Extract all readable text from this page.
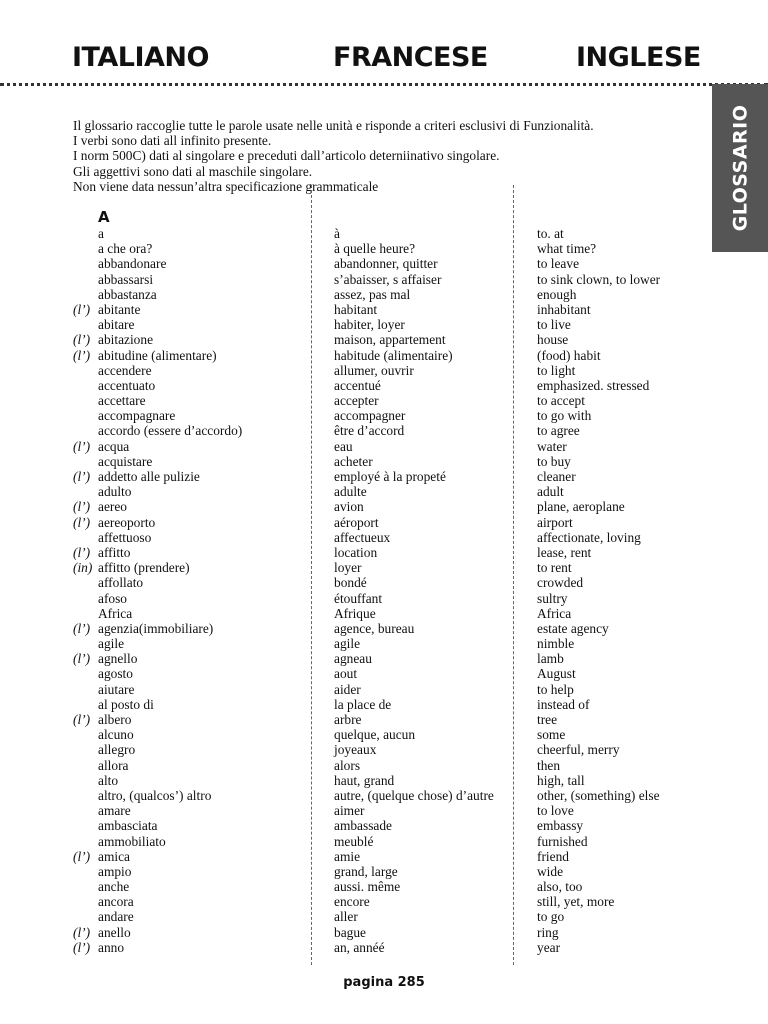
ITALIANO	FRANCESE	INGLESE
GLOSSARIO
Il glossario raccoglie tutte le parole usate nelle unità e risponde a criteri esclusivi di Funzionalità.
I verbi sono dati all infinito presente.
I norm 500C) dati al singolare e preceduti dall’articolo deterniinativo singolare.
Gli aggettivi sono dati al maschile singolare.
Non viene data nessun’altra specificazione grammaticale
A
a	à	to. at
a che ora?	à quelle heure?	what time?
abbandonare	abandonner, quitter	to leave
abbassarsi	s’abaisser, s affaiser	to sink clown, to lower
abbastanza	assez, pas mal	enough
(l’) abitante	habitant	inhabitant
abitare	habiter, loyer	to live
(l’) abitazione	maison, appartement	house
(l’) abitudine (alimentare)	habitude (alimentaire)	(food) habit
accendere	allumer, ouvrir	to light
accentuato	accentué	emphasized. stressed
accettare	accepter	to accept
accompagnare	accompagner	to go with
accordo (essere d’accordo)	être d’accord	to agree
(l’) acqua	eau	water
acquistare	acheter	to buy
(l’) addetto alle pulizie	employé à la propeté	cleaner
adulto	adulte	adult
(l’) aereo	avion	plane, aeroplane
(l’) aereoporto	aéroport	airport
affettuoso	affectueux	affectionate, loving
(l’) affitto	location	lease, rent
(in) affitto (prendere)	loyer	to rent
affollato	bondé	crowded
afoso	étouffant	sultry
Africa	Afrique	Africa
(l’) agenzia(immobiliare)	agence, bureau	estate agency
agile	agile	nimble
(l’) agnello	agneau	lamb
agosto	aout	August
aiutare	aider	to help
al posto di	la place de	instead of
(l’) albero	arbre	tree
alcuno	quelque, aucun	some
allegro	joyeaux	cheerful, merry
allora	alors	then
alto	haut, grand	high, tall
altro, (qualcos’) altro	autre, (quelque chose) d’autre	other, (something) else
amare	aimer	to love
ambasciata	ambassade	embassy
ammobiliato	meublé	furnished
(l’) amica	amie	friend
ampio	grand, large	wide
anche	aussi. même	also, too
ancora	encore	still, yet, more
andare	aller	to go
(l’) anello	bague	ring
(l’) anno	an, annéé	year
pagina 285
